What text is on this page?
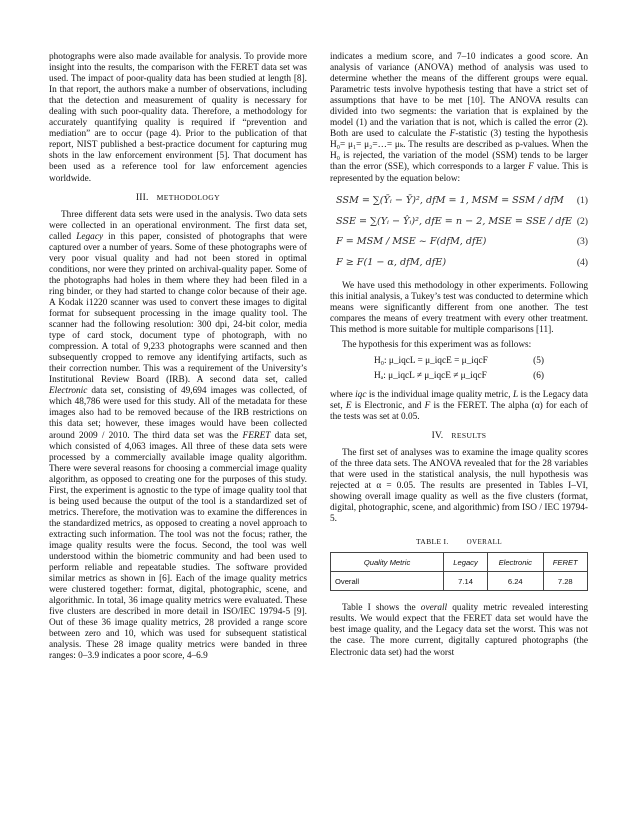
photographs were also made available for analysis. To provide more insight into the results, the comparison with the FERET data set was used. The impact of poor-quality data has been studied at length [8]. In that report, the authors make a number of observations, including that the detection and measurement of quality is necessary for dealing with such poor-quality data. Therefore, a methodology for accurately quantifying quality is required if “prevention and mediation” are to occur (page 4). Prior to the publication of that report, NIST published a best-practice document for capturing mug shots in the law enforcement environment [5]. That document has been used as a reference tool for law enforcement agencies worldwide.

III. METHODOLOGY

Three different data sets were used in the analysis. Two data sets were collected in an operational environment. The first data set, called Legacy in this paper, consisted of photographs that were captured over a number of years. Some of these photographs were of very poor visual quality and had not been stored in optimal conditions, nor were they printed on archival-quality paper. Some of the photographs had holes in them where they had been filed in a ring binder, or they had started to change color because of their age. A Kodak i1220 scanner was used to convert these images to digital format for subsequent processing in the image quality tool. The scanner had the following resolution: 300 dpi, 24-bit color, media type of card stock, document type of photograph, with no compression. A total of 9,233 photographs were scanned and then subsequently cropped to remove any identifying artifacts, such as their correction number. This was a requirement of the University’s Institutional Review Board (IRB). A second data set, called Electronic data set, consisting of 49,694 images was collected, of which 48,786 were used for this study. All of the metadata for these images also had to be removed because of the IRB restrictions on this data set; however, these images would have been collected around 2009 / 2010. The third data set was the FERET data set, which consisted of 4,063 images. All three of these data sets were processed by a commercially available image quality algorithm. There were several reasons for choosing a commercial image quality algorithm, as opposed to creating one for the purposes of this study. First, the experiment is agnostic to the type of image quality tool that is being used because the output of the tool is a standardized set of metrics. Therefore, the motivation was to examine the differences in the standardized metrics, as opposed to creating a novel approach to extracting such information. The tool was not the focus; rather, the image quality results were the focus. Second, the tool was well understood within the biometric community and had been used to perform reliable and repeatable studies. The software provided similar metrics as shown in [6]. Each of the image quality metrics were clustered together: format, digital, photographic, scene, and algorithmic. In total, 36 image quality metrics were evaluated. These five clusters are described in more detail in ISO/IEC 19794-5 [9]. Out of these 36 image quality metrics, 28 provided a range score between zero and 10, which was used for subsequent statistical analysis. These 28 image quality metrics were banded in three ranges: 0–3.9 indicates a poor score, 4–6.9

indicates a medium score, and 7–10 indicates a good score. An analysis of variance (ANOVA) method of analysis was used to determine whether the means of the different groups were equal. Parametric tests involve hypothesis testing that have a strict set of assumptions that have to be met [10]. The ANOVA results can divided into two segments: the variation that is explained by the model (1) and the variation that is not, which is called the error (2). Both are used to calculate the F-statistic (3) testing the hypothesis H₀= μ₁= μ₂=…= μₖ. The results are described as p-values. When the H₀ is rejected, the variation of the model (SSM) tends to be larger than the error (SSE), which corresponds to a larger F value. This is represented by the equation below:

SSM = ∑(Ȳᵢ − Ȳ)², dfM = 1, MSM = SSM / dfM	(1)
SSE = ∑(Yᵢ − Ŷᵢ)², dfE = n − 2, MSE = SSE / dfE (2)
F = MSM / MSE ~ F(dfM, dfE)	(3)
F ≥ F(1 − α, dfM, dfE)	(4)

We have used this methodology in other experiments. Following this initial analysis, a Tukey’s test was conducted to determine which means were significantly different from one another. The test compares the means of every treatment with every other treatment. This method is more suitable for multiple comparisons [11].

The hypothesis for this experiment was as follows:

H₀: μ_iqcL = μ_iqcE = μ_iqcF	(5)
Hₐ: μ_iqcL ≠ μ_iqcE ≠ μ_iqcF	(6)

where iqc is the individual image quality metric, L is the Legacy data set, E is Electronic, and F is the FERET. The alpha (α) for each of the tests was set at 0.05.

IV. RESULTS

The first set of analyses was to examine the image quality scores of the three data sets. The ANOVA revealed that for the 28 variables that were used in the statistical analysis, the null hypothesis was rejected at α = 0.05. The results are presented in Tables I–VI, showing overall image quality as well as the five clusters (format, digital, photographic, scene, and algorithmic) from ISO / IEC 19794-5.

TABLE I.	OVERALL
Quality Metric	Legacy	Electronic	FERET
Overall	7.14	6.24	7.28

Table I shows the overall quality metric revealed interesting results. We would expect that the FERET data set would have the best image quality, and the Legacy data set the worst. This was not the case. The more current, digitally captured photographs (the Electronic data set) had the worst
